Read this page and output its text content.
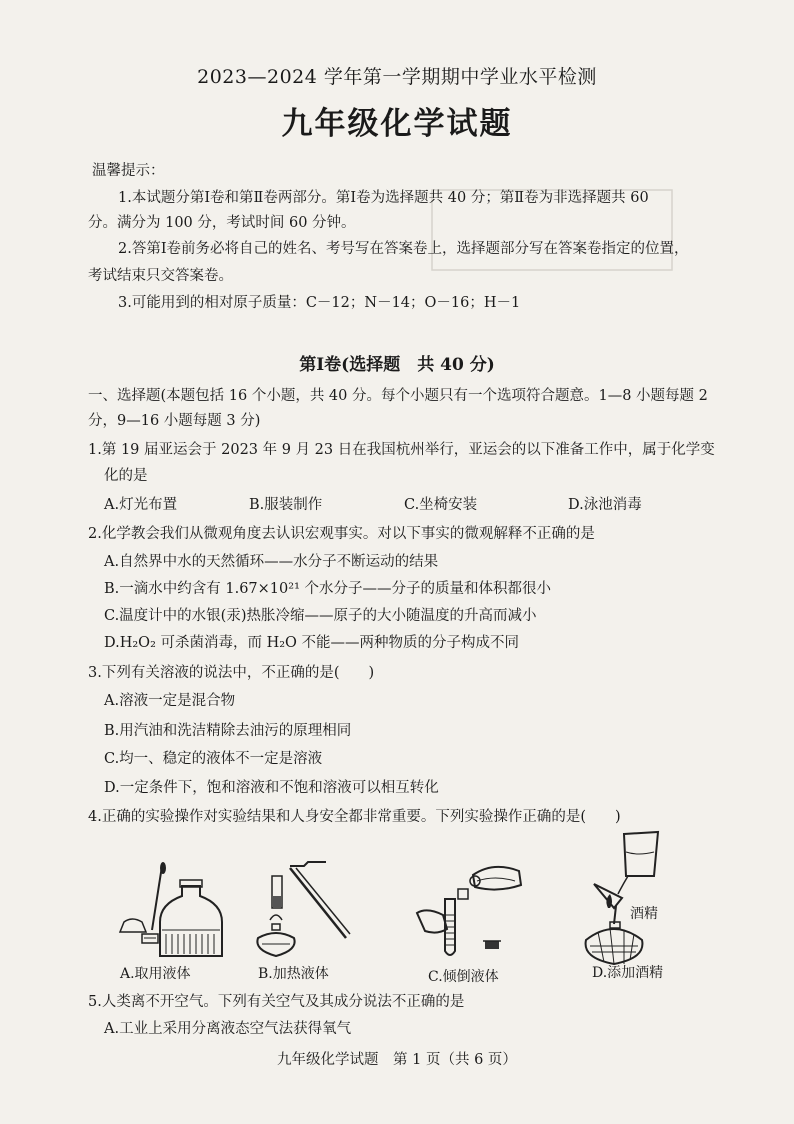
2023—2024 学年第一学期期中学业水平检测
九年级化学试题
温馨提示：
1.本试题分第Ⅰ卷和第Ⅱ卷两部分。第Ⅰ卷为选择题共 40 分；第Ⅱ卷为非选择题共 60
分。满分为 100 分，考试时间 60 分钟。
2.答第Ⅰ卷前务必将自己的姓名、考号写在答案卷上，选择题部分写在答案卷指定的位置，
考试结束只交答案卷。
3.可能用到的相对原子质量：C－12；N－14；O－16；H－1
第Ⅰ卷(选择题　共 40 分)
一、选择题(本题包括 16 个小题，共 40 分。每个小题只有一个选项符合题意。1—8 小题每题 2
分，9—16 小题每题 3 分)
1.第 19 届亚运会于 2023 年 9 月 23 日在我国杭州举行，亚运会的以下准备工作中，属于化学变
化的是
A.灯光布置	B.服装制作	C.坐椅安装	D.泳池消毒
2.化学教会我们从微观角度去认识宏观事实。对以下事实的微观解释不正确的是
A.自然界中水的天然循环——水分子不断运动的结果
B.一滴水中约含有 1.67×10²¹ 个水分子——分子的质量和体积都很小
C.温度计中的水银(汞)热胀冷缩——原子的大小随温度的升高而减小
D.H₂O₂ 可杀菌消毒，而 H₂O 不能——两种物质的分子构成不同
3.下列有关溶液的说法中，不正确的是(　　)
A.溶液一定是混合物
B.用汽油和洗洁精除去油污的原理相同
C.均一、稳定的液体不一定是溶液
D.一定条件下，饱和溶液和不饱和溶液可以相互转化
4.正确的实验操作对实验结果和人身安全都非常重要。下列实验操作正确的是(　　)
酒精
A.取用液体	B.加热液体	C.倾倒液体	D.添加酒精
5.人类离不开空气。下列有关空气及其成分说法不正确的是
A.工业上采用分离液态空气法获得氧气
九年级化学试题　第 1 页（共 6 页）
